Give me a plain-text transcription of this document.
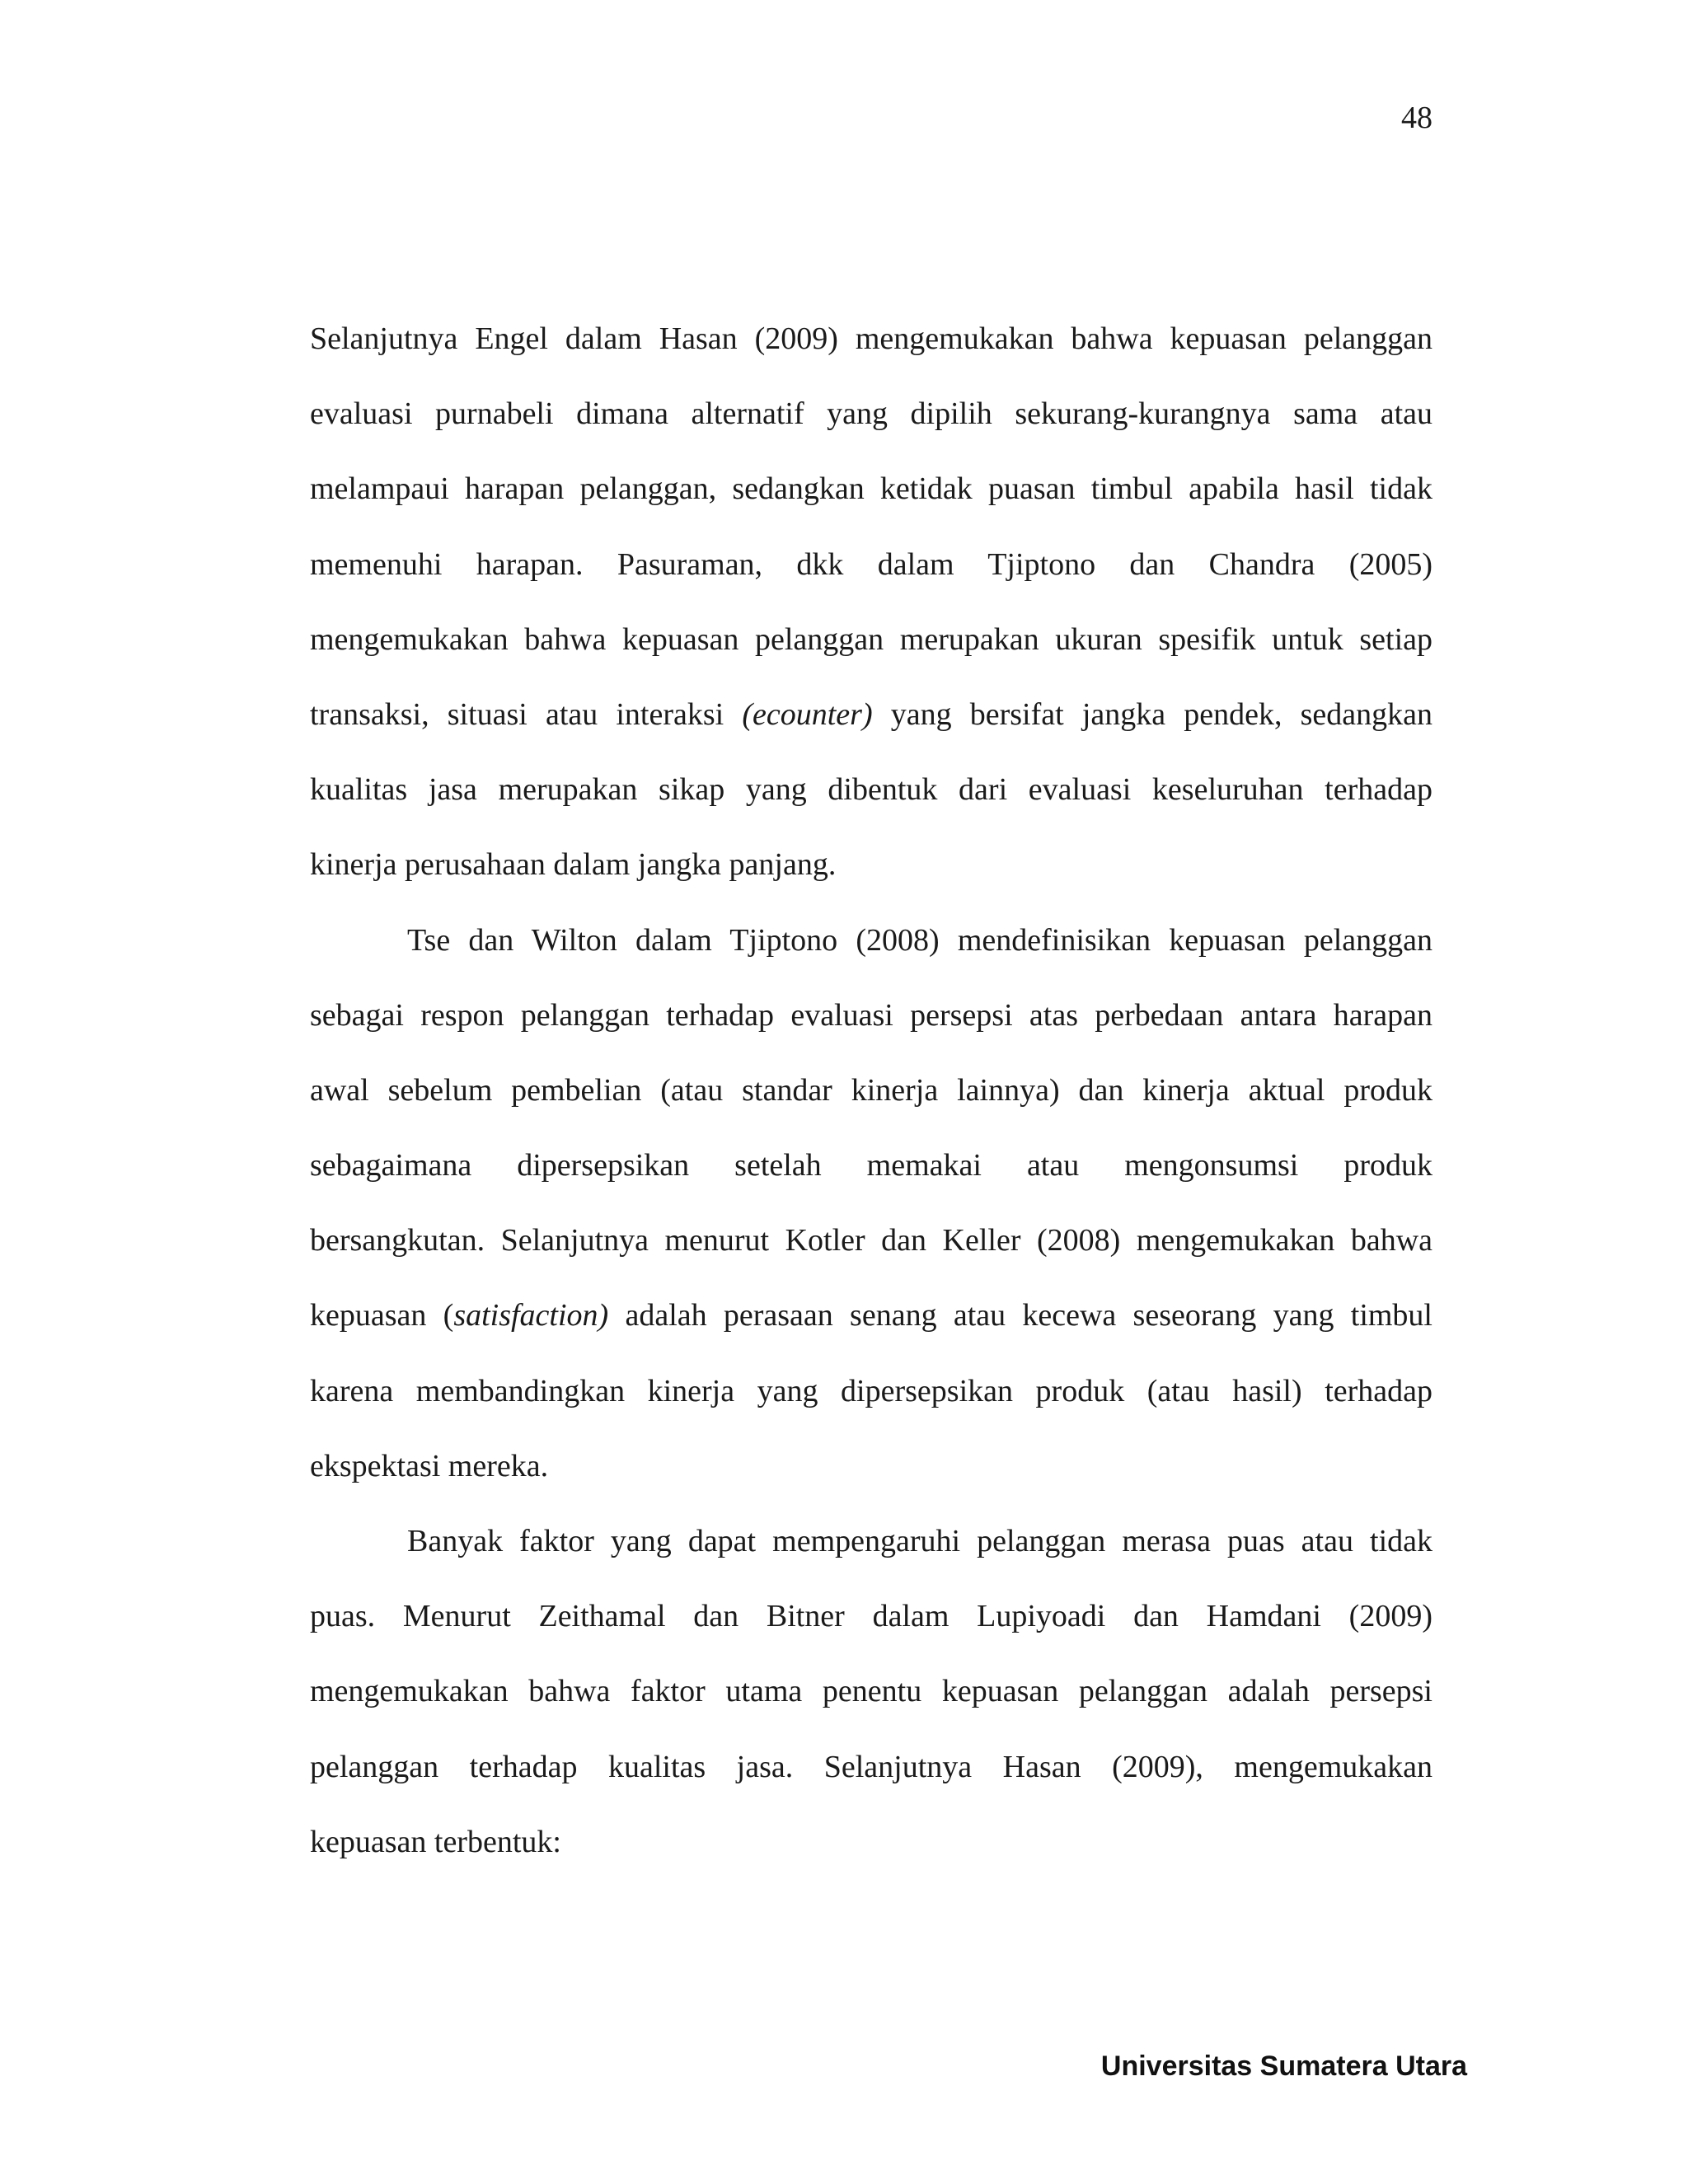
48

Selanjutnya Engel dalam Hasan (2009) mengemukakan bahwa kepuasan pelanggan
evaluasi purnabeli dimana alternatif yang dipilih sekurang-kurangnya sama atau
melampaui harapan pelanggan, sedangkan ketidak puasan timbul apabila hasil tidak
memenuhi harapan. Pasuraman, dkk dalam Tjiptono dan Chandra (2005)
mengemukakan bahwa kepuasan pelanggan merupakan ukuran spesifik untuk setiap
transaksi, situasi atau interaksi (ecounter) yang bersifat jangka pendek, sedangkan
kualitas jasa merupakan sikap yang dibentuk dari evaluasi keseluruhan terhadap
kinerja perusahaan dalam jangka panjang.

Tse dan Wilton dalam Tjiptono (2008) mendefinisikan kepuasan pelanggan
sebagai respon pelanggan terhadap evaluasi persepsi atas perbedaan antara harapan
awal sebelum pembelian (atau standar kinerja lainnya) dan kinerja aktual produk
sebagaimana dipersepsikan setelah memakai atau mengonsumsi produk
bersangkutan. Selanjutnya menurut Kotler dan Keller (2008) mengemukakan bahwa
kepuasan (satisfaction) adalah perasaan senang atau kecewa seseorang yang timbul
karena membandingkan kinerja yang dipersepsikan produk (atau hasil) terhadap
ekspektasi mereka.

Banyak faktor yang dapat mempengaruhi pelanggan merasa puas atau tidak
puas. Menurut Zeithamal dan Bitner dalam Lupiyoadi dan Hamdani (2009)
mengemukakan bahwa faktor utama penentu kepuasan pelanggan adalah persepsi
pelanggan terhadap kualitas jasa. Selanjutnya Hasan (2009), mengemukakan
kepuasan terbentuk:

Universitas Sumatera Utara
